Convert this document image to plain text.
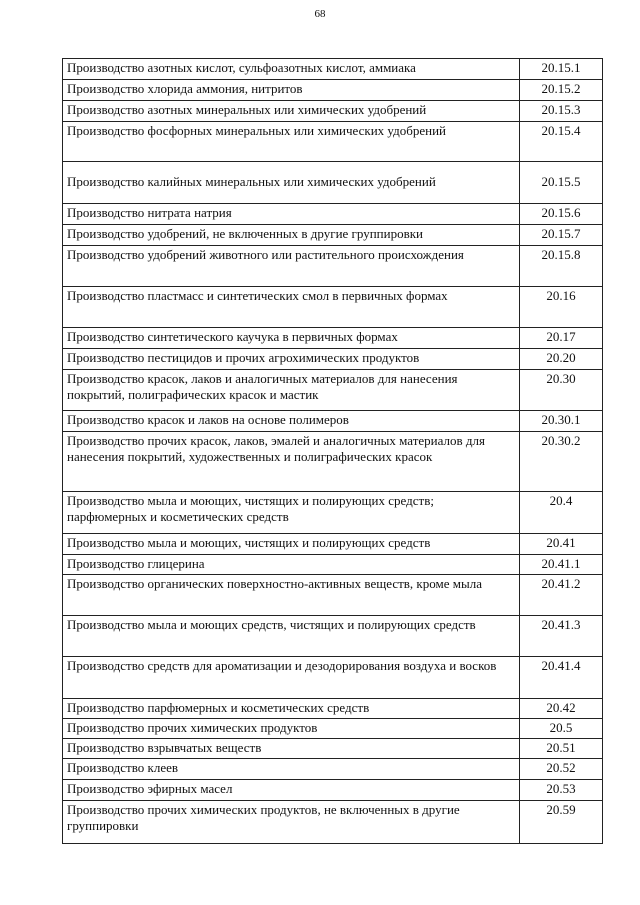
68
Производство азотных кислот, сульфоазотных кислот, аммиака	20.15.1
Производство хлорида аммония, нитритов	20.15.2
Производство азотных минеральных или химических удобрений	20.15.3
Производство фосфорных минеральных или химических удобрений	20.15.4
Производство калийных минеральных или химических удобрений	20.15.5
Производство нитрата натрия	20.15.6
Производство удобрений, не включенных в другие группировки	20.15.7
Производство удобрений животного или растительного происхождения	20.15.8
Производство пластмасс и синтетических смол в первичных формах	20.16
Производство синтетического каучука в первичных формах	20.17
Производство пестицидов и прочих агрохимических продуктов	20.20
Производство красок, лаков и аналогичных материалов для нанесения покрытий, полиграфических красок и мастик	20.30
Производство красок и лаков на основе полимеров	20.30.1
Производство прочих красок, лаков, эмалей и аналогичных материалов для нанесения покрытий, художественных и полиграфических красок	20.30.2
Производство мыла и моющих, чистящих и полирующих средств; парфюмерных и косметических средств	20.4
Производство мыла и моющих, чистящих и полирующих средств	20.41
Производство глицерина	20.41.1
Производство органических поверхностно-активных веществ, кроме мыла	20.41.2
Производство мыла и моющих средств, чистящих и полирующих средств	20.41.3
Производство средств для ароматизации и дезодорирования воздуха и восков	20.41.4
Производство парфюмерных и косметических средств	20.42
Производство прочих химических продуктов	20.5
Производство взрывчатых веществ	20.51
Производство клеев	20.52
Производство эфирных масел	20.53
Производство прочих химических продуктов, не включенных в другие группировки	20.59
